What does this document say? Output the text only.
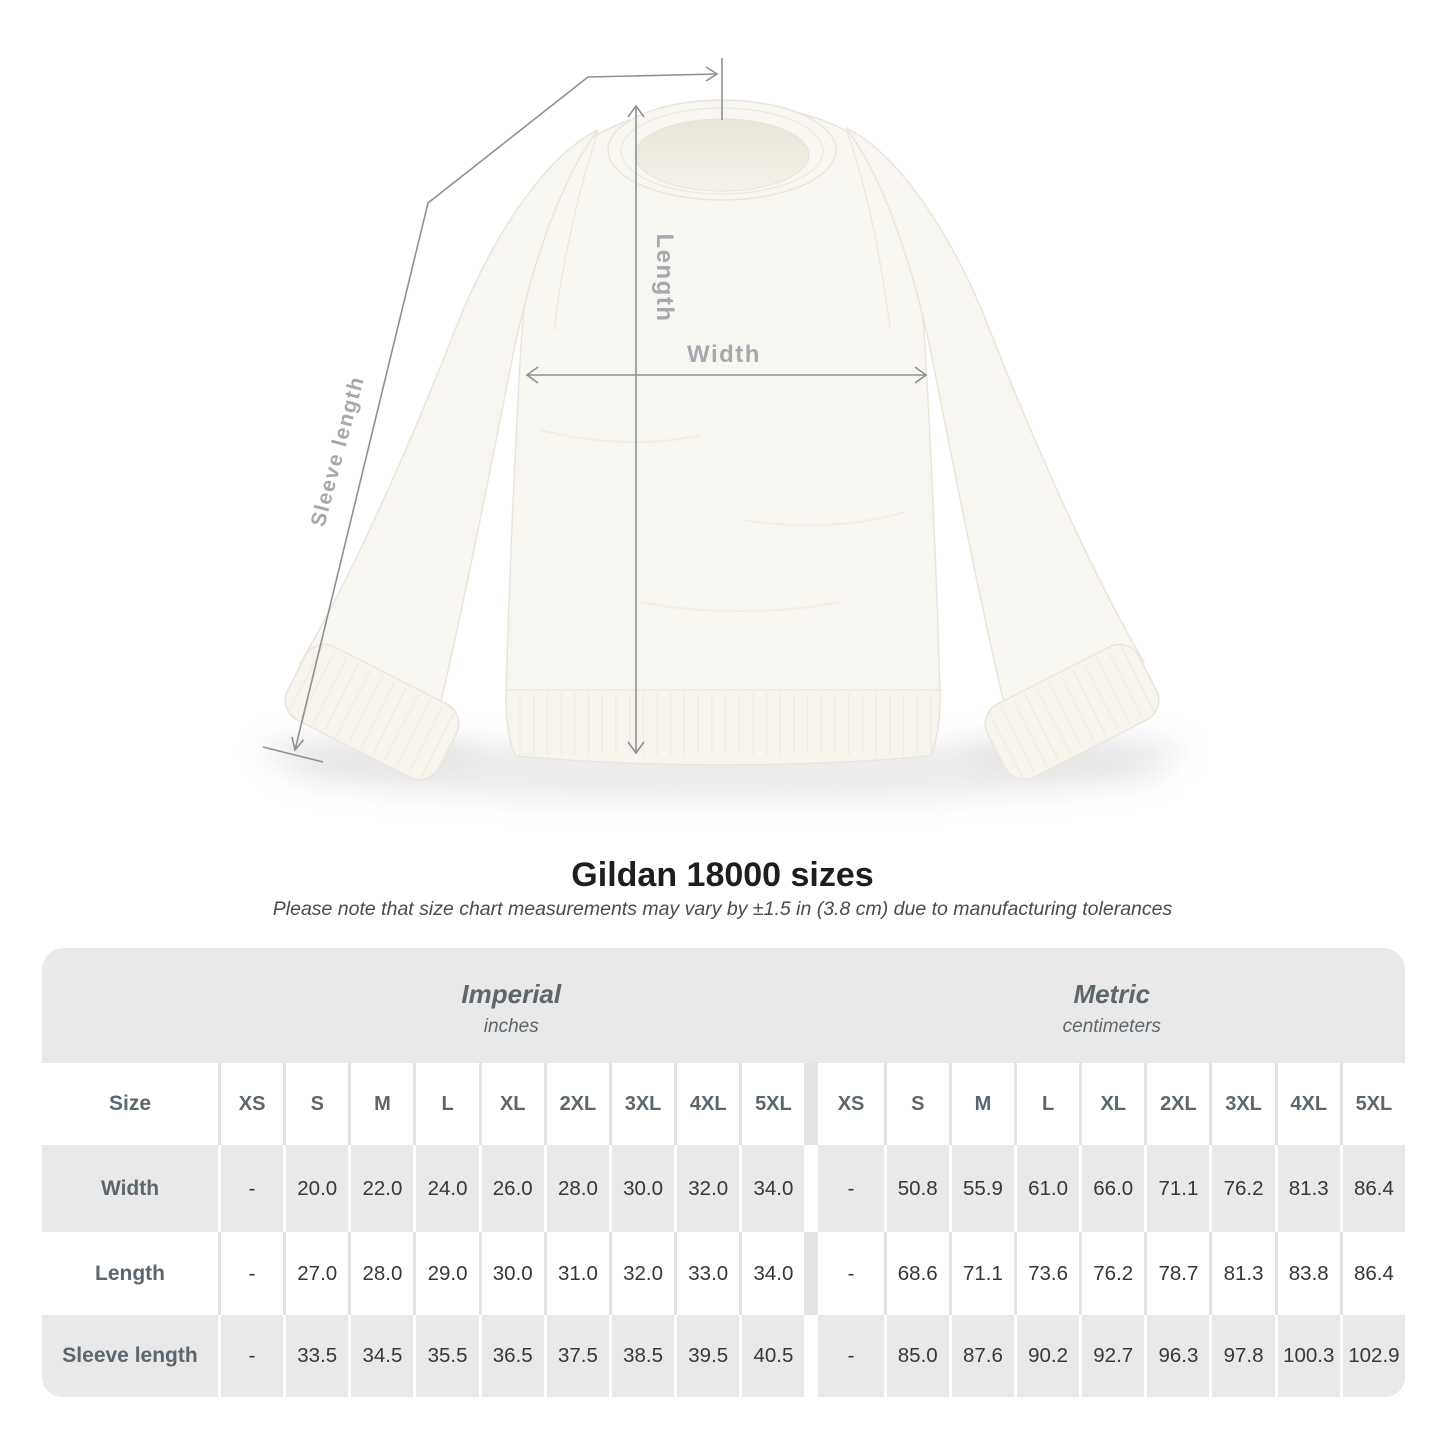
Sleeve length
Length
Width
Gildan 18000 sizes
Please note that size chart measurements may vary by ±1.5 in (3.8 cm) due to manufacturing tolerances
Imperial
inches
Metric
centimeters
Size	XS	S	M	L	XL	2XL	3XL	4XL	5XL	XS	S	M	L	XL	2XL	3XL	4XL	5XL
Width	-	20.0	22.0	24.0	26.0	28.0	30.0	32.0	34.0	-	50.8	55.9	61.0	66.0	71.1	76.2	81.3	86.4
Length	-	27.0	28.0	29.0	30.0	31.0	32.0	33.0	34.0	-	68.6	71.1	73.6	76.2	78.7	81.3	83.8	86.4
Sleeve length	-	33.5	34.5	35.5	36.5	37.5	38.5	39.5	40.5	-	85.0	87.6	90.2	92.7	96.3	97.8 100.3 102.9
